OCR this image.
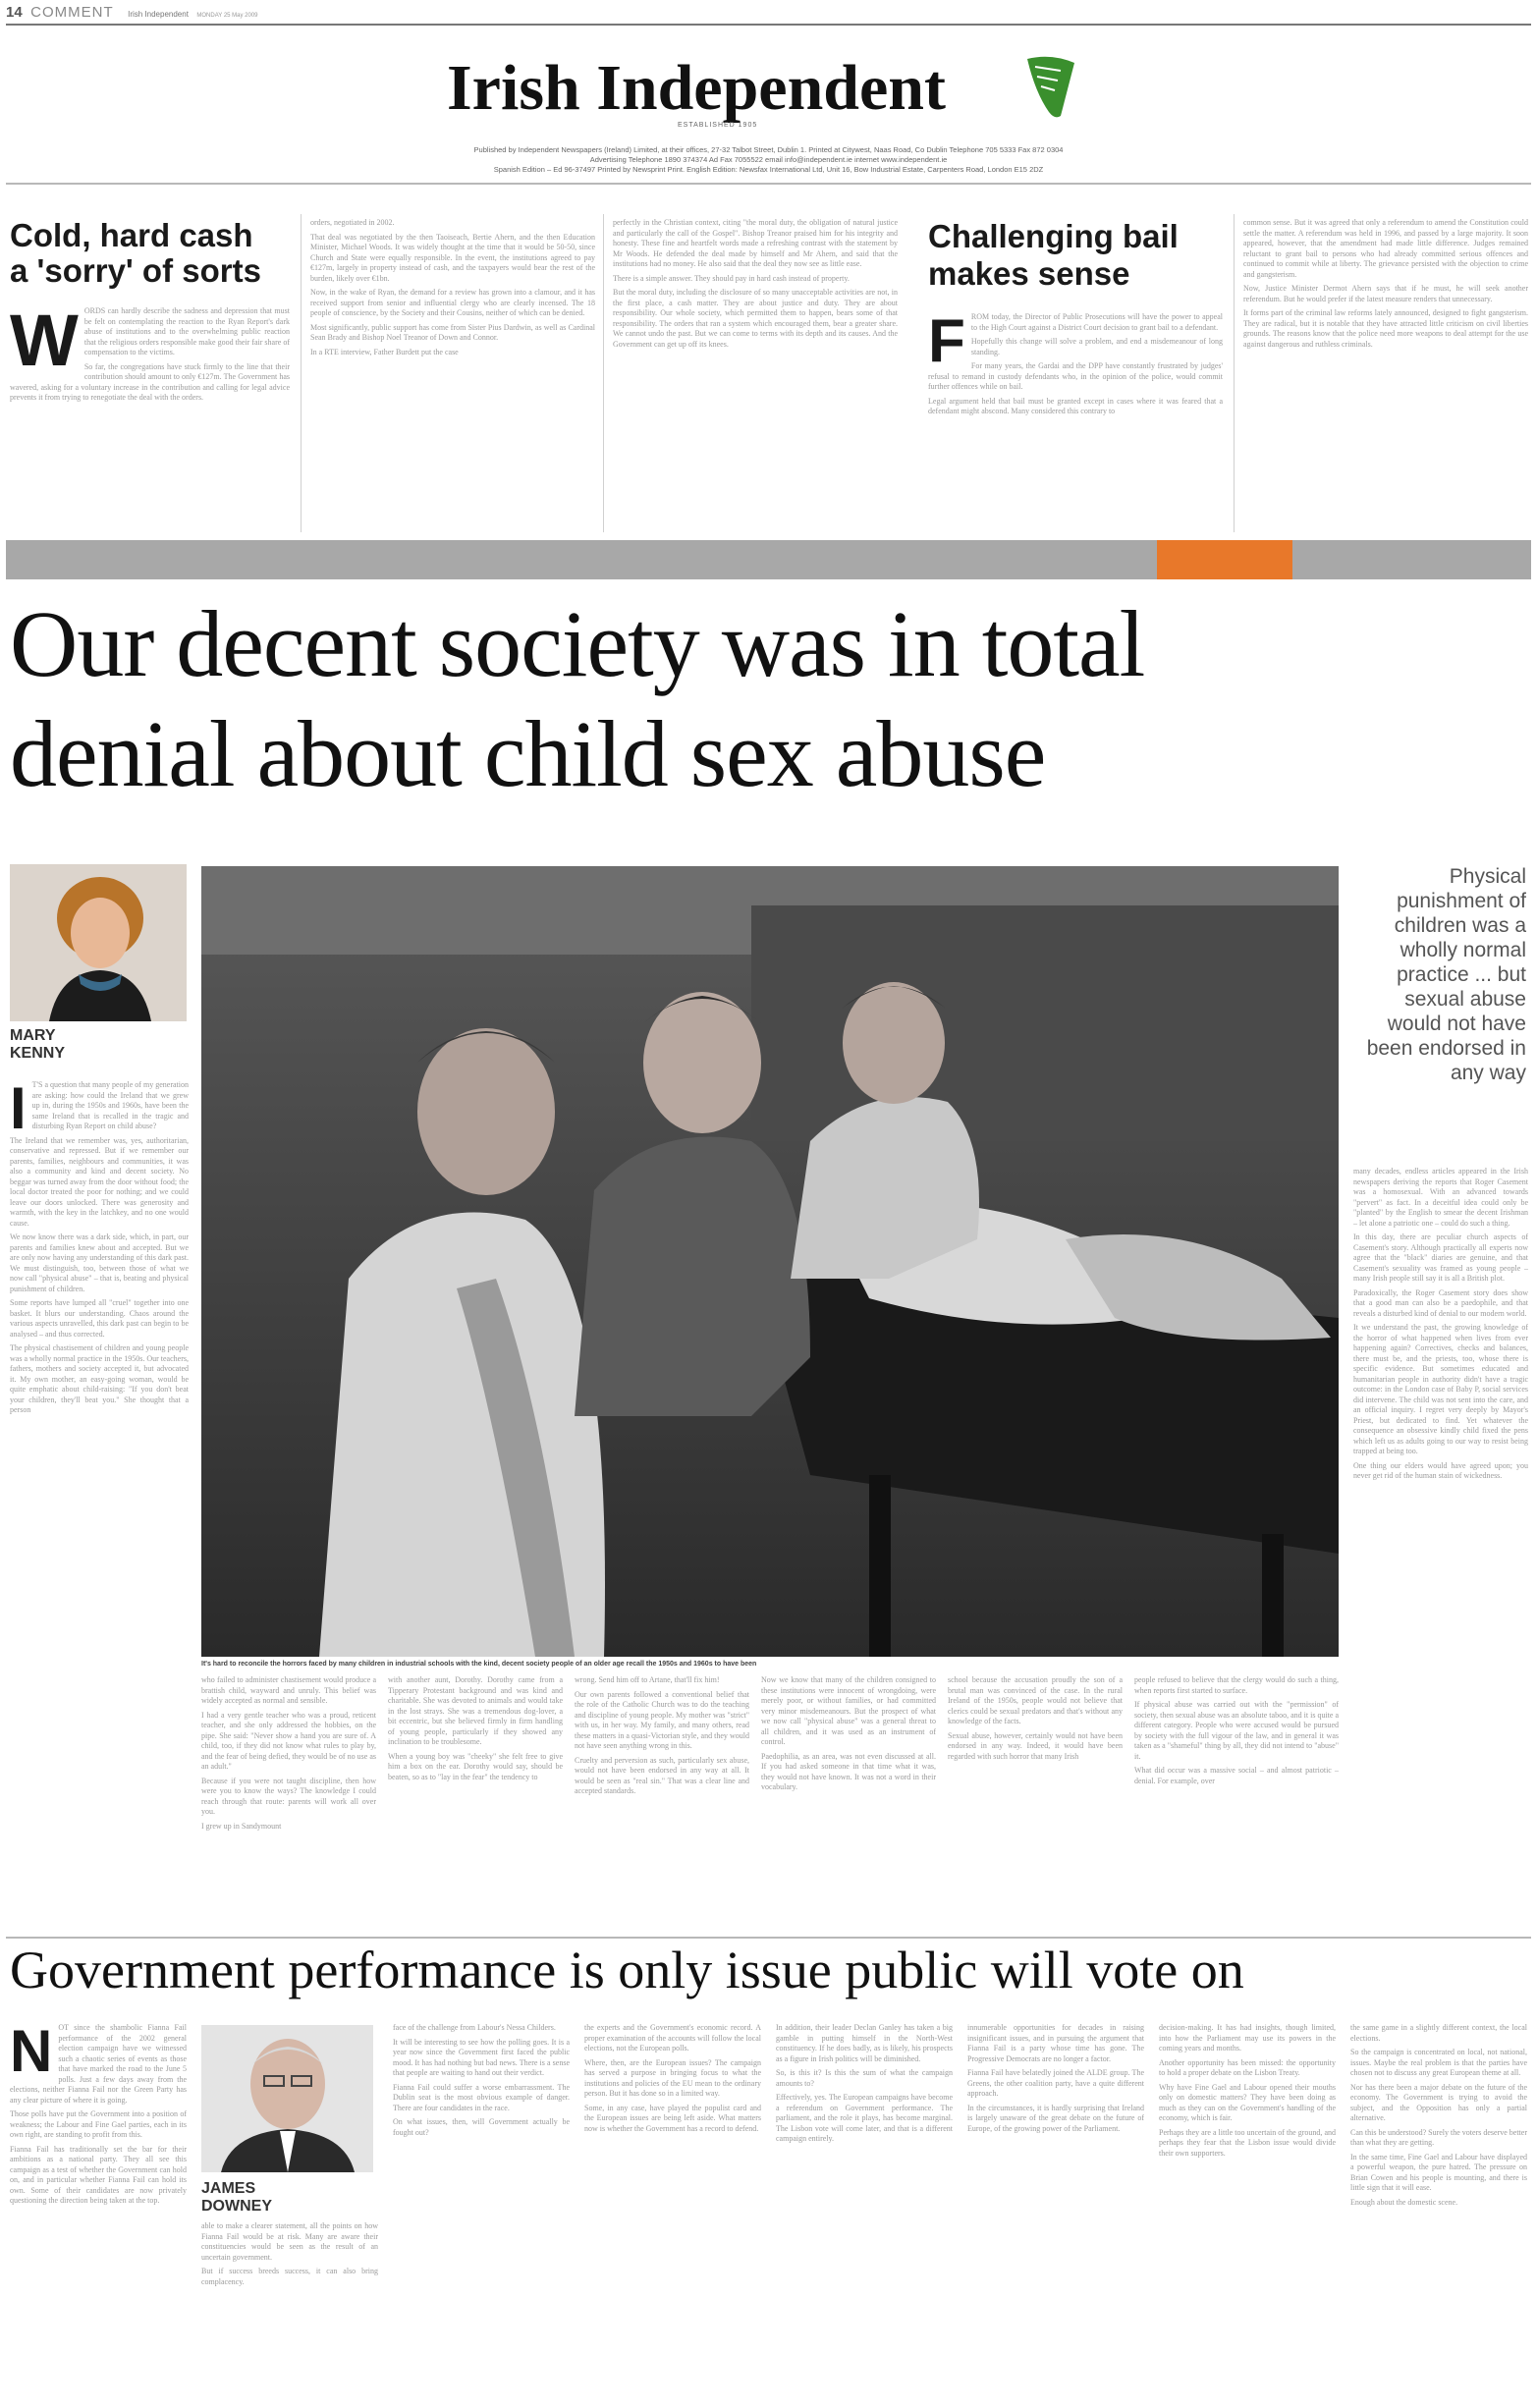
14 COMMENT Irish Independent MONDAY 25 May 2009
Irish Independent
ESTABLISHED 1905
Published by Independent Newspapers (Ireland) Limited, at their offices, 27-32 Talbot Street, Dublin 1. Printed at Citywest, Naas Road, Co Dublin Telephone 705 5333 Fax 872 0304
Advertising Telephone 1890 374374 Ad Fax 7055522 email info@independent.ie internet www.independent.ie
Spanish Edition – Ed 96-37497 Printed by Newsprint Print. English Edition: Newsfax International Ltd, Unit 16, Bow Industrial Estate, Carpenters Road, London E15 2DZ
Cold, hard cash
a 'sorry' of sorts
W ORDS can hardly describe the sadness and depression that must be felt on contemplating the reaction to the Ryan Report's dark abuse of institutions and to the overwhelming public reaction that the religious orders responsible make good their fair share of compensation to the victims.

So far, the congregations have stuck firmly to the line that their contribution should amount to only €127m. The Government has wavered, asking for a voluntary increase in the contribution and calling for legal advice prevents it from trying to renegotiate the deal with the orders.

orders, negotiated in 2002.

That deal was negotiated by the then Taoiseach, Bertie Ahern, and the then Education Minister, Michael Woods. It was widely thought at the time that it would be 50-50, since Church and State were equally responsible. In the event, the institutions agreed to pay €127m, largely in property instead of cash, and the taxpayers would bear the rest of the burden, likely over €1bn.

Now, in the wake of Ryan, the demand for a review has grown into a clamour, and it has received support from senior and influential clergy who are clearly incensed. The 18 people of conscience, by the Society and their Cousins, neither of which can be denied.

Most significantly, public support has come from Sister Pius Dardwin, as well as Cardinal Sean Brady and Bishop Noel Treanor of Down and Connor.

In a RTE interview, Father Burdett put the case

perfectly in the Christian context, citing "the moral duty, the obligation of natural justice and particularly the call of the Gospel". Bishop Treanor praised him for his integrity and honesty. These fine and heartfelt words made a refreshing contrast with the statement by Mr Woods. He defended the deal made by himself and Mr Ahern, and said that the institutions had no money. He also said that the deal they now see as little ease.

There is a simple answer. They should pay in hard cash instead of property.

But the moral duty, including the disclosure of so many unacceptable activities are not, in the first place, a cash matter. They are about justice and duty. They are about responsibility. Our whole society, which permitted them to happen, bears some of that responsibility. The orders that ran a system which encouraged them, bear a greater share. We cannot undo the past. But we can come to terms with its depth and its causes. And the Government can get up off its knees.

Challenging bail
makes sense
F ROM today, the Director of Public Prosecutions will have the power to appeal to the High Court against a District Court decision to grant bail to a defendant.

Hopefully this change will solve a problem, and end a misdemeanour of long standing.

For many years, the Gardai and the DPP have constantly frustrated by judges' refusal to remand in custody defendants who, in the opinion of the police, would commit further offences while on bail.

Legal argument held that bail must be granted except in cases where it was feared that a defendant might abscond. Many considered this contrary to

common sense. But it was agreed that only a referendum to amend the Constitution could settle the matter. A referendum was held in 1996, and passed by a large majority. It soon appeared, however, that the amendment had made little difference. Judges remained reluctant to grant bail to persons who had already committed serious offences and continued to commit while at liberty. The grievance persisted with the objection to crime and gangsterism.

Now, Justice Minister Dermot Ahern says that if he must, he will seek another referendum. But he would prefer if the latest measure renders that unnecessary.

It forms part of the criminal law reforms lately announced, designed to fight gangsterism. They are radical, but it is notable that they have attracted little criticism on civil liberties grounds. The reasons know that the police need more weapons to deal attempt for the use against dangerous and ruthless criminals.

Our decent society was in total
denial about child sex abuse
MARY
KENNY
I T'S a question that many people of my generation are asking: how could the Ireland that we grew up in, during the 1950s and 1960s, have been the same Ireland that is recalled in the tragic and disturbing Ryan Report on child abuse?

The Ireland that we remember was, yes, authoritarian, conservative and repressed. But if we remember our parents, families, neighbours and communities, it was also a community and kind and decent society. No beggar was turned away from the door without food; the local doctor treated the poor for nothing; and we could leave our doors unlocked. There was generosity and warmth, with the key in the latchkey, and no one would cause.

We now know there was a dark side, which, in part, our parents and families knew about and accepted. But we are only now having any understanding of this dark past. We must distinguish, too, between those of what we now call "physical abuse" – that is, beating and physical punishment of children.

Some reports have lumped all "cruel" together into one basket. It blurs our understanding. Chaos around the various aspects unravelled, this dark past can begin to be analysed – and thus corrected.

The physical chastisement of children and young people was a wholly normal practice in the 1950s. Our teachers, fathers, mothers and society accepted it, but advocated it. My own mother, an easy-going woman, would be quite emphatic about child-raising: "If you don't beat your children, they'll beat you." She thought that a person

It's hard to reconcile the horrors faced by many children in industrial schools with the kind, decent society people of an older age recall the 1950s and 1960s to have been
Physical punishment of children was a wholly normal practice ... but sexual abuse would not have been endorsed in any way

many decades, endless articles appeared in the Irish newspapers deriving the reports that Roger Casement was a homosexual. With an advanced towards "pervert" as fact. In a deceitful idea could only be "planted" by the English to smear the decent Irishman – let alone a patriotic one – could do such a thing.

In this day, there are peculiar church aspects of Casement's story. Although practically all experts now agree that the "black" diaries are genuine, and that Casement's sexuality was framed as young people – many Irish people still say it is all a British plot.

Paradoxically, the Roger Casement story does show that a good man can also be a paedophile, and that reveals a disturbed kind of denial to our modern world.

It we understand the past, the growing knowledge of the horror of what happened when lives from ever happening again? Correctives, checks and balances, there must be, and the priests, too, whose there is specific evidence. But sometimes educated and humanitarian people in authority didn't have a tragic outcome: in the London case of Baby P, social services did intervene. The child was not sent into the care, and an official inquiry. I regret very deeply by Mayor's Priest, but dedicated to find. Yet whatever the consequence an obsessive kindly child fixed the pens which left us as adults going to our way to resist being trapped at being too.

One thing our elders would have agreed upon; you never get rid of the human stain of wickedness.

who failed to administer chastisement would produce a brattish child, wayward and unruly. This belief was widely accepted as normal and sensible.

I had a very gentle teacher who was a proud, reticent teacher, and she only addressed the hobbies, on the pipe. She said: "Never show a hand you are sure of. A child, too, if they did not know what rules to play by, and the fear of being defied, they would be of no use as an adult."

Because if you were not taught discipline, then how were you to know the ways? The knowledge I could reach through that route: parents will work all over you.

I grew up in Sandymount

with another aunt, Dorothy. Dorothy came from a Tipperary Protestant background and was kind and charitable. She was devoted to animals and would take in the lost strays. She was a tremendous dog-lover, a bit eccentric, but she believed firmly in firm handling of young people, particularly if they showed any inclination to be troublesome.

When a young boy was "cheeky" she felt free to give him a box on the ear. Dorothy would say, should be beaten, so as to "lay in the fear" the tendency to

wrong. Send him off to Artane, that'll fix him!

Our own parents followed a conventional belief that the role of the Catholic Church was to do the teaching and discipline of young people. My mother was "strict" with us, in her way. My family, and many others, read these matters in a quasi-Victorian style, and they would not have seen anything wrong in this.

Cruelty and perversion as such, particularly sex abuse, would not have been endorsed in any way at all. It would be seen as "real sin." That was a clear line and accepted standards.

Now we know that many of the children consigned to these institutions were innocent of wrongdoing, were merely poor, or without families, or had committed very minor misdemeanours. But the prospect of what we now call "physical abuse" was a general threat to all children, and it was used as an instrument of control.

Paedophilia, as an area, was not even discussed at all. If you had asked someone in that time what it was, they would not have known. It was not a word in their vocabulary.

school because the accusation proudly the son of a brutal man was convinced of the case. In the rural Ireland of the 1950s, people would not believe that clerics could be sexual predators and that's without any knowledge of the facts.

Sexual abuse, however, certainly would not have been endorsed in any way. Indeed, it would have been regarded with such horror that many Irish

people refused to believe that the clergy would do such a thing, when reports first started to surface.

If physical abuse was carried out with the "permission" of society, then sexual abuse was an absolute taboo, and it is quite a different category. People who were accused would be pursued by society with the full vigour of the law, and in general it was taken as a "shameful" thing by all, they did not intend to "abuse" it.

What did occur was a massive social – and almost patriotic – denial. For example, over

Government performance is only issue public will vote on
N OT since the shambolic Fianna Fail performance of the 2002 general election campaign have we witnessed such a chaotic series of events as those that have marked the road to the June 5 polls. Just a few days away from the elections, neither Fianna Fail nor the Green Party has any clear picture of where it is going.

Those polls have put the Government into a position of weakness; the Labour and Fine Gael parties, each in its own right, are standing to profit from this.

Fianna Fail has traditionally set the bar for their ambitions as a national party. They all see this campaign as a test of whether the Government can hold on, and in particular whether Fianna Fail can hold its own. Some of their candidates are now privately questioning the direction being taken at the top.

JAMES
DOWNEY

able to make a clearer statement, all the points on how Fianna Fail would be at risk. Many are aware their constituencies would be seen as the result of an uncertain government.

But if success breeds success, it can also bring complacency.

face of the challenge from Labour's Nessa Childers.

It will be interesting to see how the polling goes. It is a year now since the Government first faced the public mood. It has had nothing but bad news. There is a sense that people are waiting to hand out their verdict.

Fianna Fail could suffer a worse embarrassment. The Dublin seat is the most obvious example of danger. There are four candidates in the race.

On what issues, then, will Government actually be fought out?

the experts and the Government's economic record. A proper examination of the accounts will follow the local elections, not the European polls.

Where, then, are the European issues? The campaign has served a purpose in bringing focus to what the institutions and policies of the EU mean to the ordinary person. But it has done so in a limited way.

Some, in any case, have played the populist card and the European issues are being left aside. What matters now is whether the Government has a record to defend.

In addition, their leader Declan Ganley has taken a big gamble in putting himself in the North-West constituency. If he does badly, as is likely, his prospects as a figure in Irish politics will be diminished.

So, is this it? Is this the sum of what the campaign amounts to?

Effectively, yes. The European campaigns have become a referendum on Government performance. The parliament, and the role it plays, has become marginal. The Lisbon vote will come later, and that is a different campaign entirely.

innumerable opportunities for decades in raising insignificant issues, and in pursuing the argument that Fianna Fail is a party whose time has gone. The Progressive Democrats are no longer a factor.

Fianna Fail have belatedly joined the ALDE group. The Greens, the other coalition party, have a quite different approach.

In the circumstances, it is hardly surprising that Ireland is largely unaware of the great debate on the future of Europe, of the growing power of the Parliament.

decision-making. It has had insights, though limited, into how the Parliament may use its powers in the coming years and months.

Another opportunity has been missed: the opportunity to hold a proper debate on the Lisbon Treaty.

Why have Fine Gael and Labour opened their mouths only on domestic matters? They have been doing as much as they can on the Government's handling of the economy, which is fair.

Perhaps they are a little too uncertain of the ground, and perhaps they fear that the Lisbon issue would divide their own supporters.

the same game in a slightly different context, the local elections.

So the campaign is concentrated on local, not national, issues. Maybe the real problem is that the parties have chosen not to discuss any great European theme at all.

Nor has there been a major debate on the future of the economy. The Government is trying to avoid the subject, and the Opposition has only a partial alternative.

Can this be understood? Surely the voters deserve better than what they are getting.

In the same time, Fine Gael and Labour have displayed a powerful weapon, the pure hatred. The pressure on Brian Cowen and his people is mounting, and there is little sign that it will ease.

Enough about the domestic scene.
